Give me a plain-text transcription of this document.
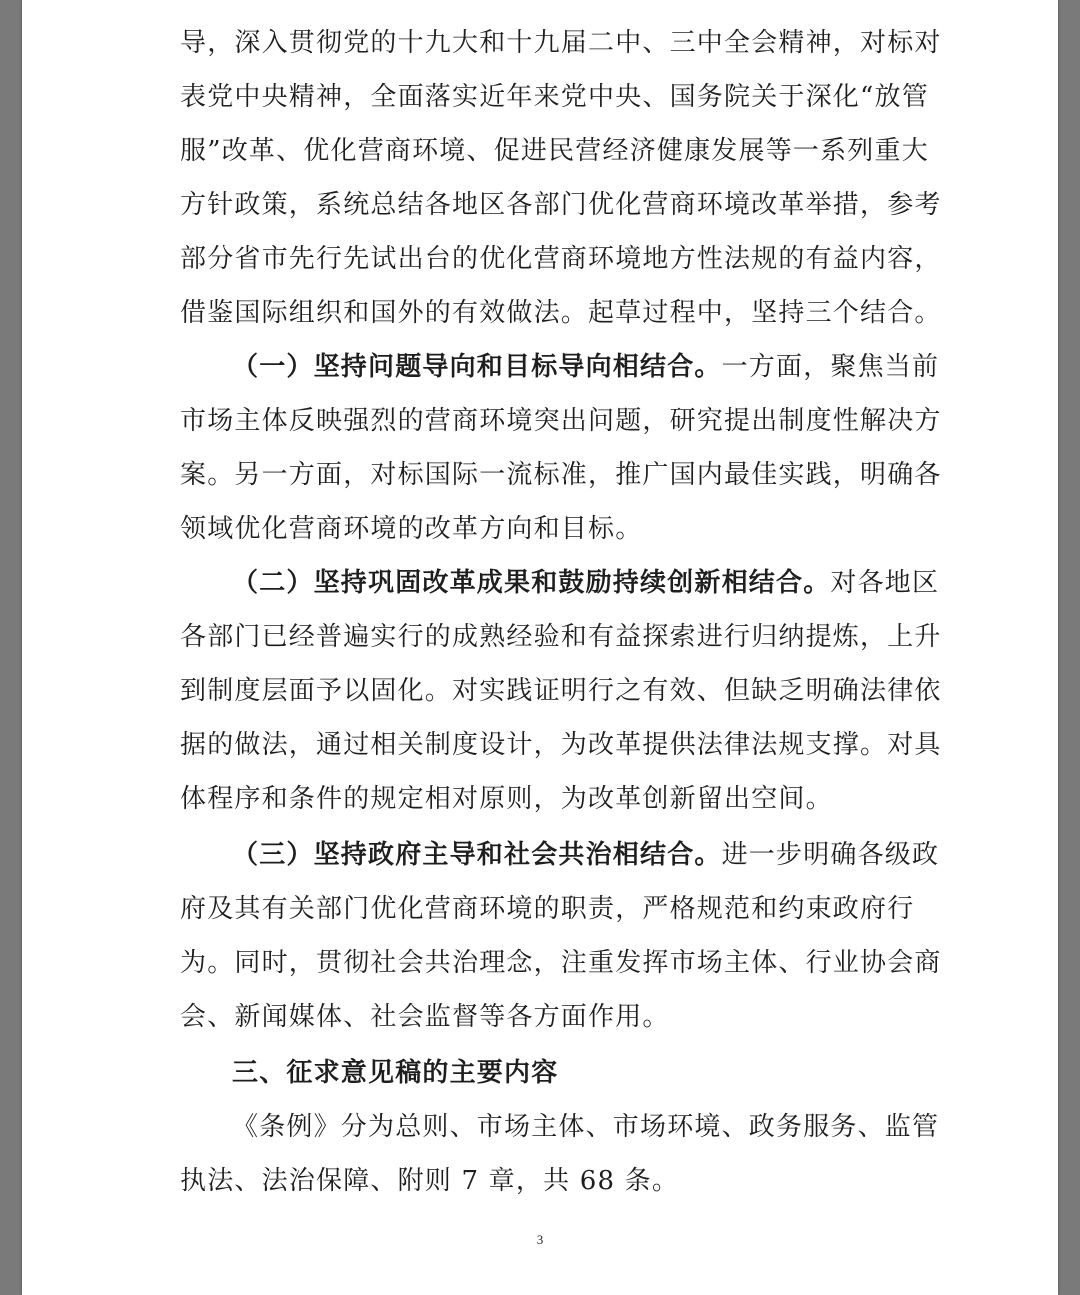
导，深入贯彻党的十九大和十九届二中、三中全会精神，对标对
表党中央精神，全面落实近年来党中央、国务院关于深化“放管
服”改革、优化营商环境、促进民营经济健康发展等一系列重大
方针政策，系统总结各地区各部门优化营商环境改革举措，参考
部分省市先行先试出台的优化营商环境地方性法规的有益内容，
借鉴国际组织和国外的有效做法。起草过程中，坚持三个结合。
（一）坚持问题导向和目标导向相结合。一方面，聚焦当前
市场主体反映强烈的营商环境突出问题，研究提出制度性解决方
案。另一方面，对标国际一流标准，推广国内最佳实践，明确各
领域优化营商环境的改革方向和目标。
（二）坚持巩固改革成果和鼓励持续创新相结合。对各地区
各部门已经普遍实行的成熟经验和有益探索进行归纳提炼，上升
到制度层面予以固化。对实践证明行之有效、但缺乏明确法律依
据的做法，通过相关制度设计，为改革提供法律法规支撑。对具
体程序和条件的规定相对原则，为改革创新留出空间。
（三）坚持政府主导和社会共治相结合。进一步明确各级政
府及其有关部门优化营商环境的职责，严格规范和约束政府行
为。同时，贯彻社会共治理念，注重发挥市场主体、行业协会商
会、新闻媒体、社会监督等各方面作用。
三、征求意见稿的主要内容
《条例》分为总则、市场主体、市场环境、政务服务、监管
执法、法治保障、附则 7 章，共 68 条。
3
